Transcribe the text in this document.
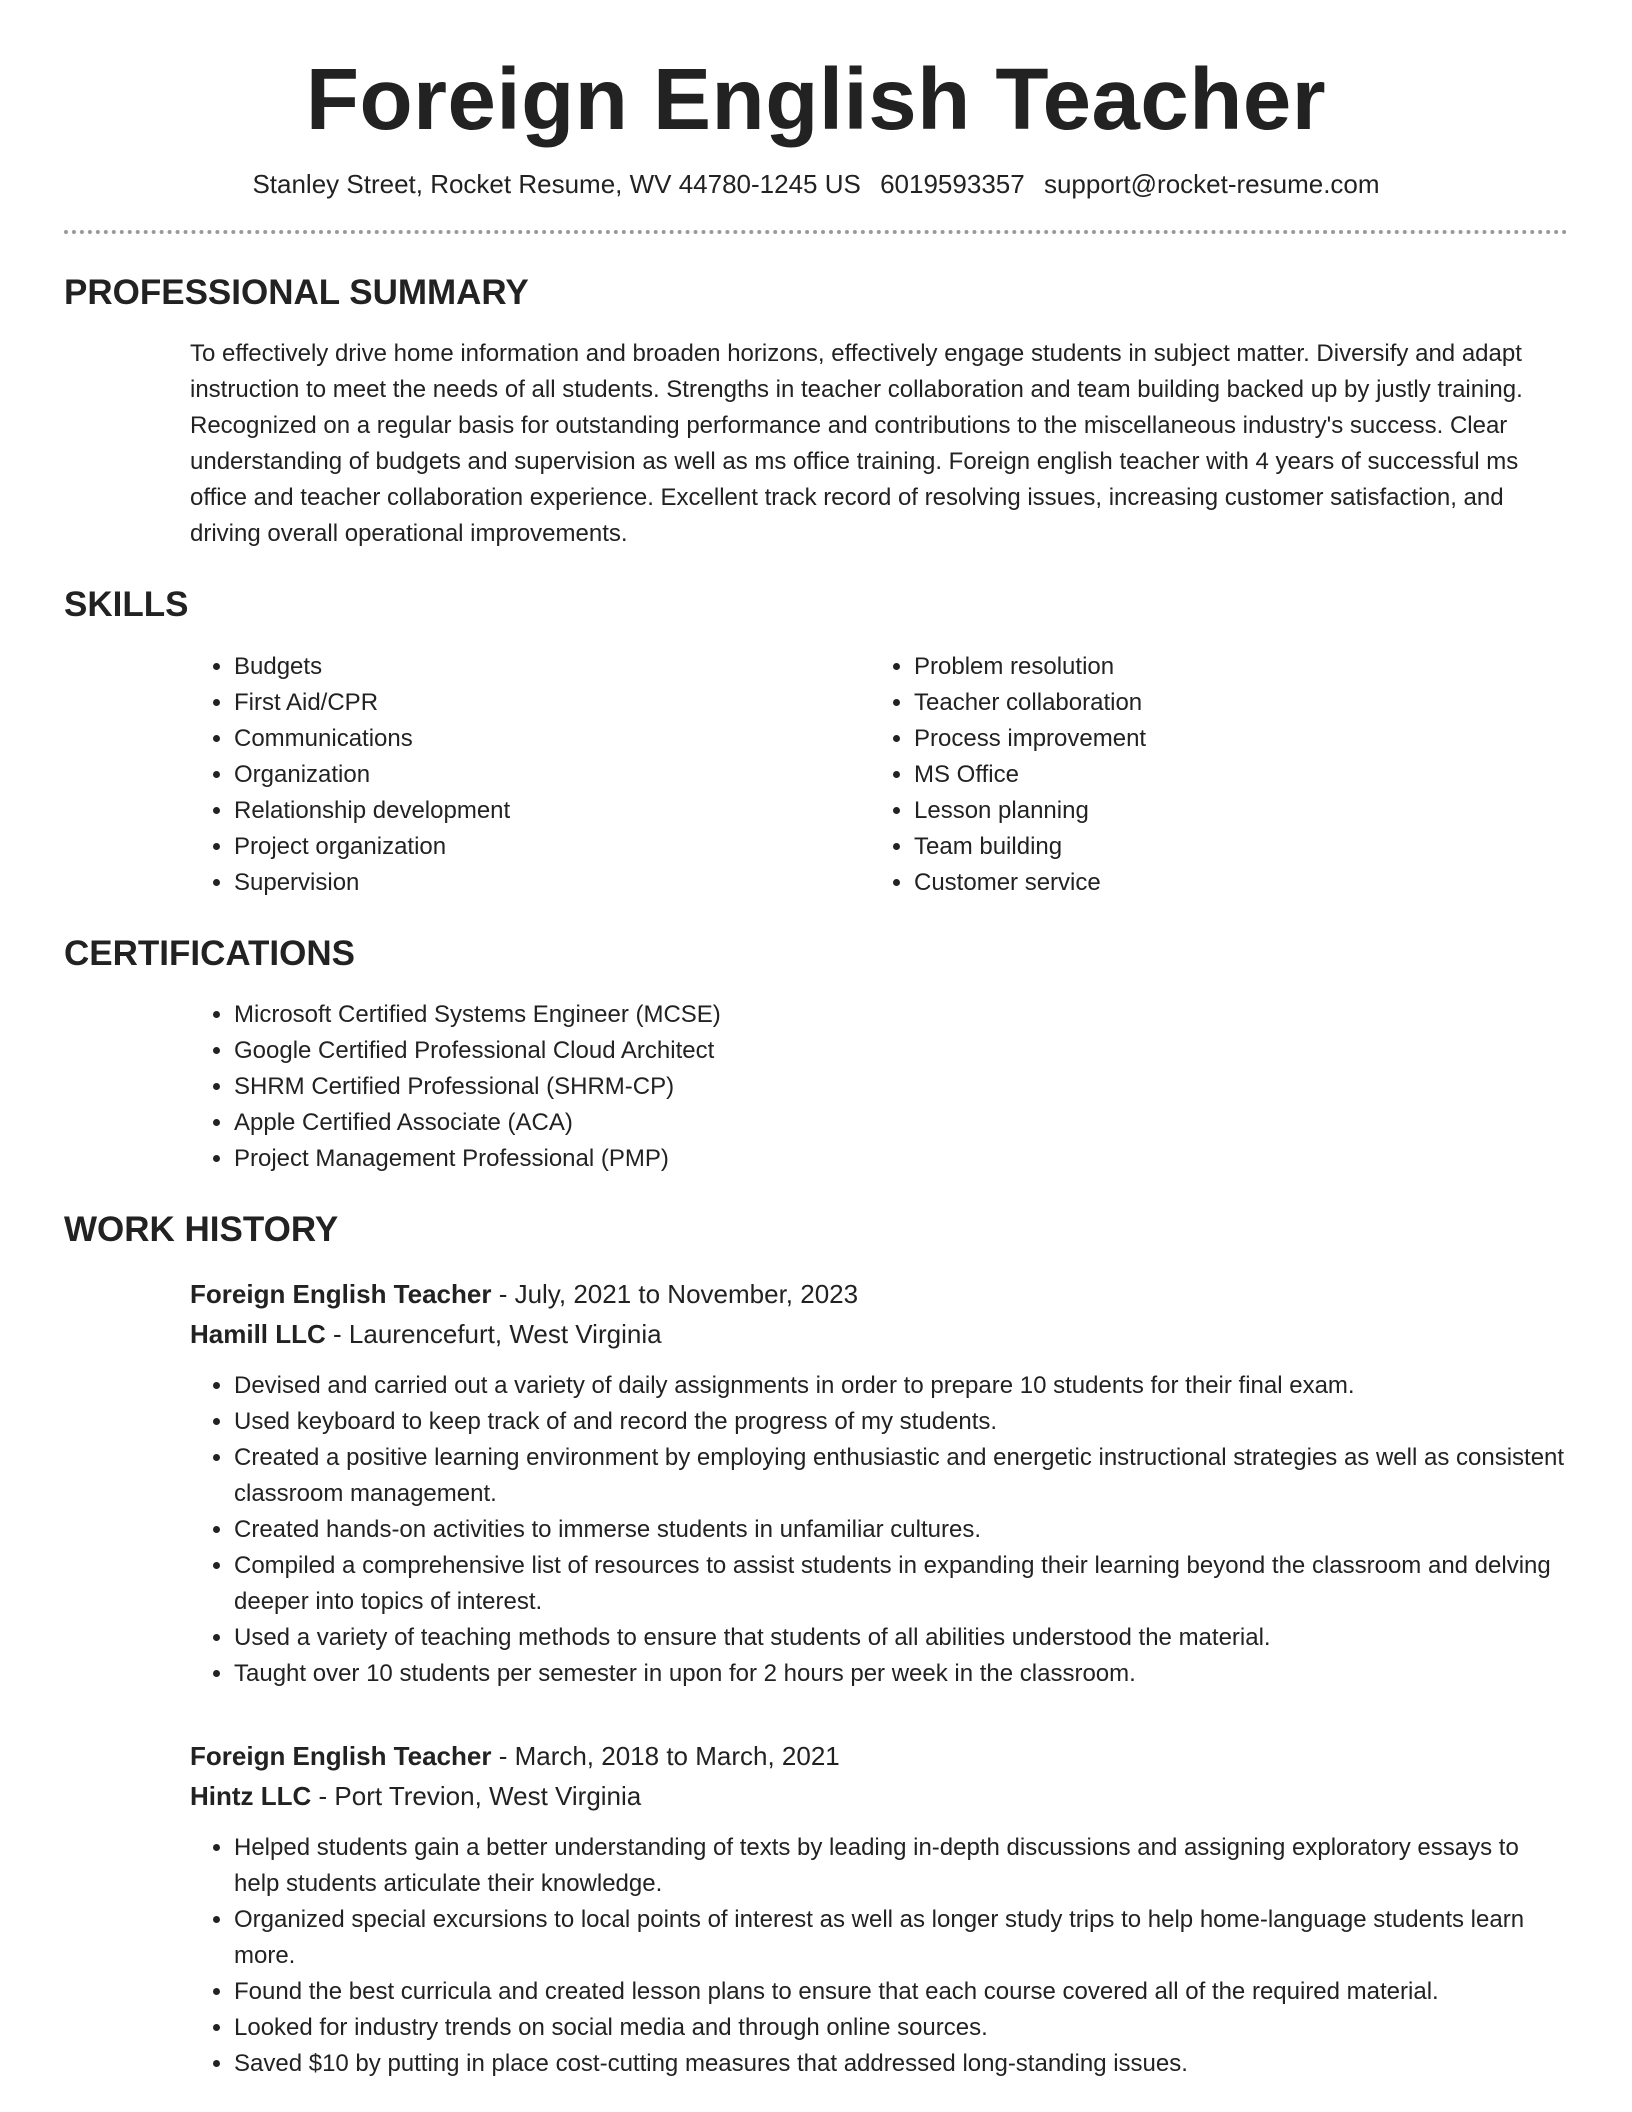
Foreign English Teacher
Stanley Street, Rocket Resume, WV 44780-1245 US 6019593357 support@rocket-resume.com
PROFESSIONAL SUMMARY

To effectively drive home information and broaden horizons, effectively engage students in subject matter. Diversify and adapt instruction to meet the needs of all students. Strengths in teacher collaboration and team building backed up by justly training. Recognized on a regular basis for outstanding performance and contributions to the miscellaneous industry's success. Clear understanding of budgets and supervision as well as ms office training. Foreign english teacher with 4 years of successful ms office and teacher collaboration experience. Excellent track record of resolving issues, increasing customer satisfaction, and driving overall operational improvements.

SKILLS
• Budgets
• First Aid/CPR
• Communications
• Organization
• Relationship development
• Project organization
• Supervision
• Problem resolution
• Teacher collaboration
• Process improvement
• MS Office
• Lesson planning
• Team building
• Customer service
CERTIFICATIONS
• Microsoft Certified Systems Engineer (MCSE)
• Google Certified Professional Cloud Architect
• SHRM Certified Professional (SHRM-CP)
• Apple Certified Associate (ACA)
• Project Management Professional (PMP)
WORK HISTORY
Foreign English Teacher - July, 2021 to November, 2023
Hamill LLC - Laurencefurt, West Virginia
• Devised and carried out a variety of daily assignments in order to prepare 10 students for their final exam.
• Used keyboard to keep track of and record the progress of my students.
• Created a positive learning environment by employing enthusiastic and energetic instructional strategies as well as consistent classroom management.
• Created hands-on activities to immerse students in unfamiliar cultures.
• Compiled a comprehensive list of resources to assist students in expanding their learning beyond the classroom and delving deeper into topics of interest.
• Used a variety of teaching methods to ensure that students of all abilities understood the material.
• Taught over 10 students per semester in upon for 2 hours per week in the classroom.
Foreign English Teacher - March, 2018 to March, 2021
Hintz LLC - Port Trevion, West Virginia
• Helped students gain a better understanding of texts by leading in-depth discussions and assigning exploratory essays to help students articulate their knowledge.
• Organized special excursions to local points of interest as well as longer study trips to help home-language students learn more.
• Found the best curricula and created lesson plans to ensure that each course covered all of the required material.
• Looked for industry trends on social media and through online sources.
• Saved $10 by putting in place cost-cutting measures that addressed long-standing issues.
